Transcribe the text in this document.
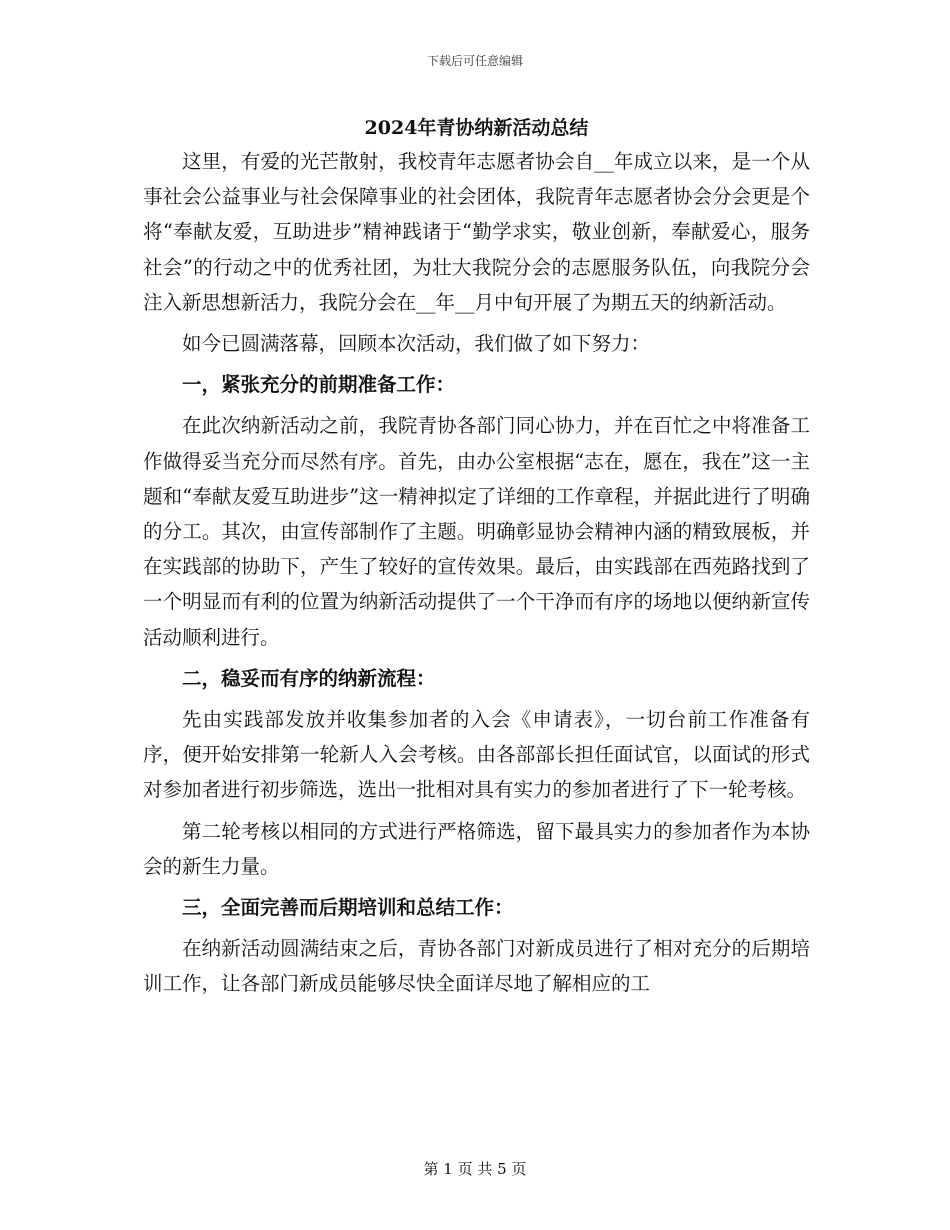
下载后可任意编辑
2024年青协纳新活动总结

这里，有爱的光芒散射，我校青年志愿者协会自__年成立以来，是一个从事社会公益事业与社会保障事业的社会团体，我院青年志愿者协会分会更是个将“奉献友爱，互助进步”精神践诸于“勤学求实，敬业创新，奉献爱心，服务社会”的行动之中的优秀社团，为壮大我院分会的志愿服务队伍，向我院分会注入新思想新活力，我院分会在__年__月中旬开展了为期五天的纳新活动。

如今已圆满落幕，回顾本次活动，我们做了如下努力：

一，紧张充分的前期准备工作：

在此次纳新活动之前，我院青协各部门同心协力，并在百忙之中将准备工作做得妥当充分而尽然有序。首先，由办公室根据“志在，愿在，我在”这一主题和“奉献友爱互助进步”这一精神拟定了详细的工作章程，并据此进行了明确的分工。其次，由宣传部制作了主题。明确彰显协会精神内涵的精致展板，并在实践部的协助下，产生了较好的宣传效果。最后，由实践部在西苑路找到了一个明显而有利的位置为纳新活动提供了一个干净而有序的场地以便纳新宣传活动顺利进行。

二，稳妥而有序的纳新流程：

先由实践部发放并收集参加者的入会《申请表》，一切台前工作准备有序，便开始安排第一轮新人入会考核。由各部部长担任面试官，以面试的形式对参加者进行初步筛选，选出一批相对具有实力的参加者进行了下一轮考核。

第二轮考核以相同的方式进行严格筛选，留下最具实力的参加者作为本协会的新生力量。

三，全面完善而后期培训和总结工作：

在纳新活动圆满结束之后，青协各部门对新成员进行了相对充分的后期培训工作，让各部门新成员能够尽快全面详尽地了解相应的工

第 1 页 共 5 页
